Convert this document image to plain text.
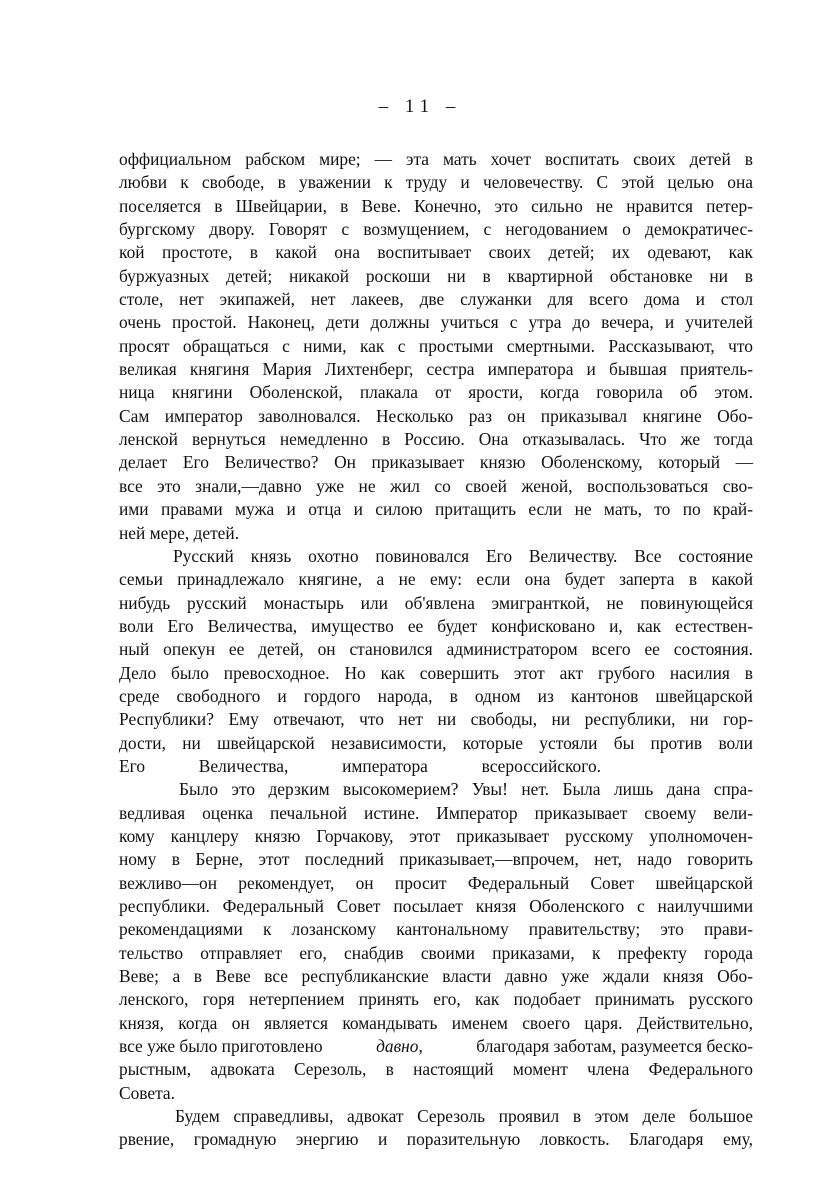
– 11 –
оффициальном рабском мире; — эта мать хочет воспитать своих детей в
любви к свободе, в уважении к труду и человечеству. С этой целью она
поселяется в Швейцарии, в Веве. Конечно, это сильно не нравится петер-
бургскому двору. Говорят с возмущением, с негодованием о демократичес-
кой простоте, в какой она воспитывает своих детей; их одевают, как
буржуазных детей; никакой роскоши ни в квартирной обстановке ни в
столе, нет экипажей, нет лакеев, две служанки для всего дома и стол
очень простой. Наконец, дети должны учиться с утра до вечера, и учителей
просят обращаться с ними, как с простыми смертными. Рассказывают, что
великая княгиня Мария Лихтенберг, сестра императора и бывшая приятель-
ница княгини Оболенской, плакала от ярости, когда говорила об этом.
Сам император заволновался. Несколько раз он приказывал княгине Обо-
ленской вернуться немедленно в Россию. Она отказывалась. Что же тогда
делает Его Величество? Он приказывает князю Оболенскому, который —
все это знали,—давно уже не жил со своей женой, воспользоваться сво-
ими правами мужа и отца и силою притащить если не мать, то по край-
ней мере, детей.
Русский князь охотно повиновался Его Величеству. Все состояние
семьи принадлежало княгине, а не ему: если она будет заперта в какой
нибудь русский монастырь или об'явлена эмигранткой, не повинующейся
воли Его Величества, имущество ее будет конфисковано и, как естествен-
ный опекун ее детей, он становился администратором всего ее состояния.
Дело было превосходное. Но как совершить этот акт грубого насилия в
среде свободного и гордого народа, в одном из кантонов швейцарской
Республики? Ему отвечают, что нет ни свободы, ни республики, ни гор-
дости, ни швейцарской независимости, которые устояли бы против воли
Его Величества, императора всероссийского.
Было это дерзким высокомерием? Увы! нет. Была лишь дана спра-
ведливая оценка печальной истине. Император приказывает своему вели-
кому канцлеру князю Горчакову, этот приказывает русскому уполномочен-
ному в Берне, этот последний приказывает,—впрочем, нет, надо говорить
вежливо—он рекомендует, он просит Федеральный Совет швейцарской
республики. Федеральный Совет посылает князя Оболенского с наилучшими
рекомендациями к лозанскому кантональному правительству; это прави-
тельство отправляет его, снабдив своими приказами, к префекту города
Веве; а в Веве все республиканские власти давно уже ждали князя Обо-
ленского, горя нетерпением принять его, как подобает принимать русского
князя, когда он является командывать именем своего царя. Действительно,
все уже было приготовлено	давно,	благодаря заботам, разумеется беско-
рыстным, адвоката Серезоль, в настоящий момент члена Федерального
Совета.
Будем справедливы, адвокат Серезоль проявил в этом деле большое
рвение, громадную энергию и поразительную ловкость. Благодаря ему,
